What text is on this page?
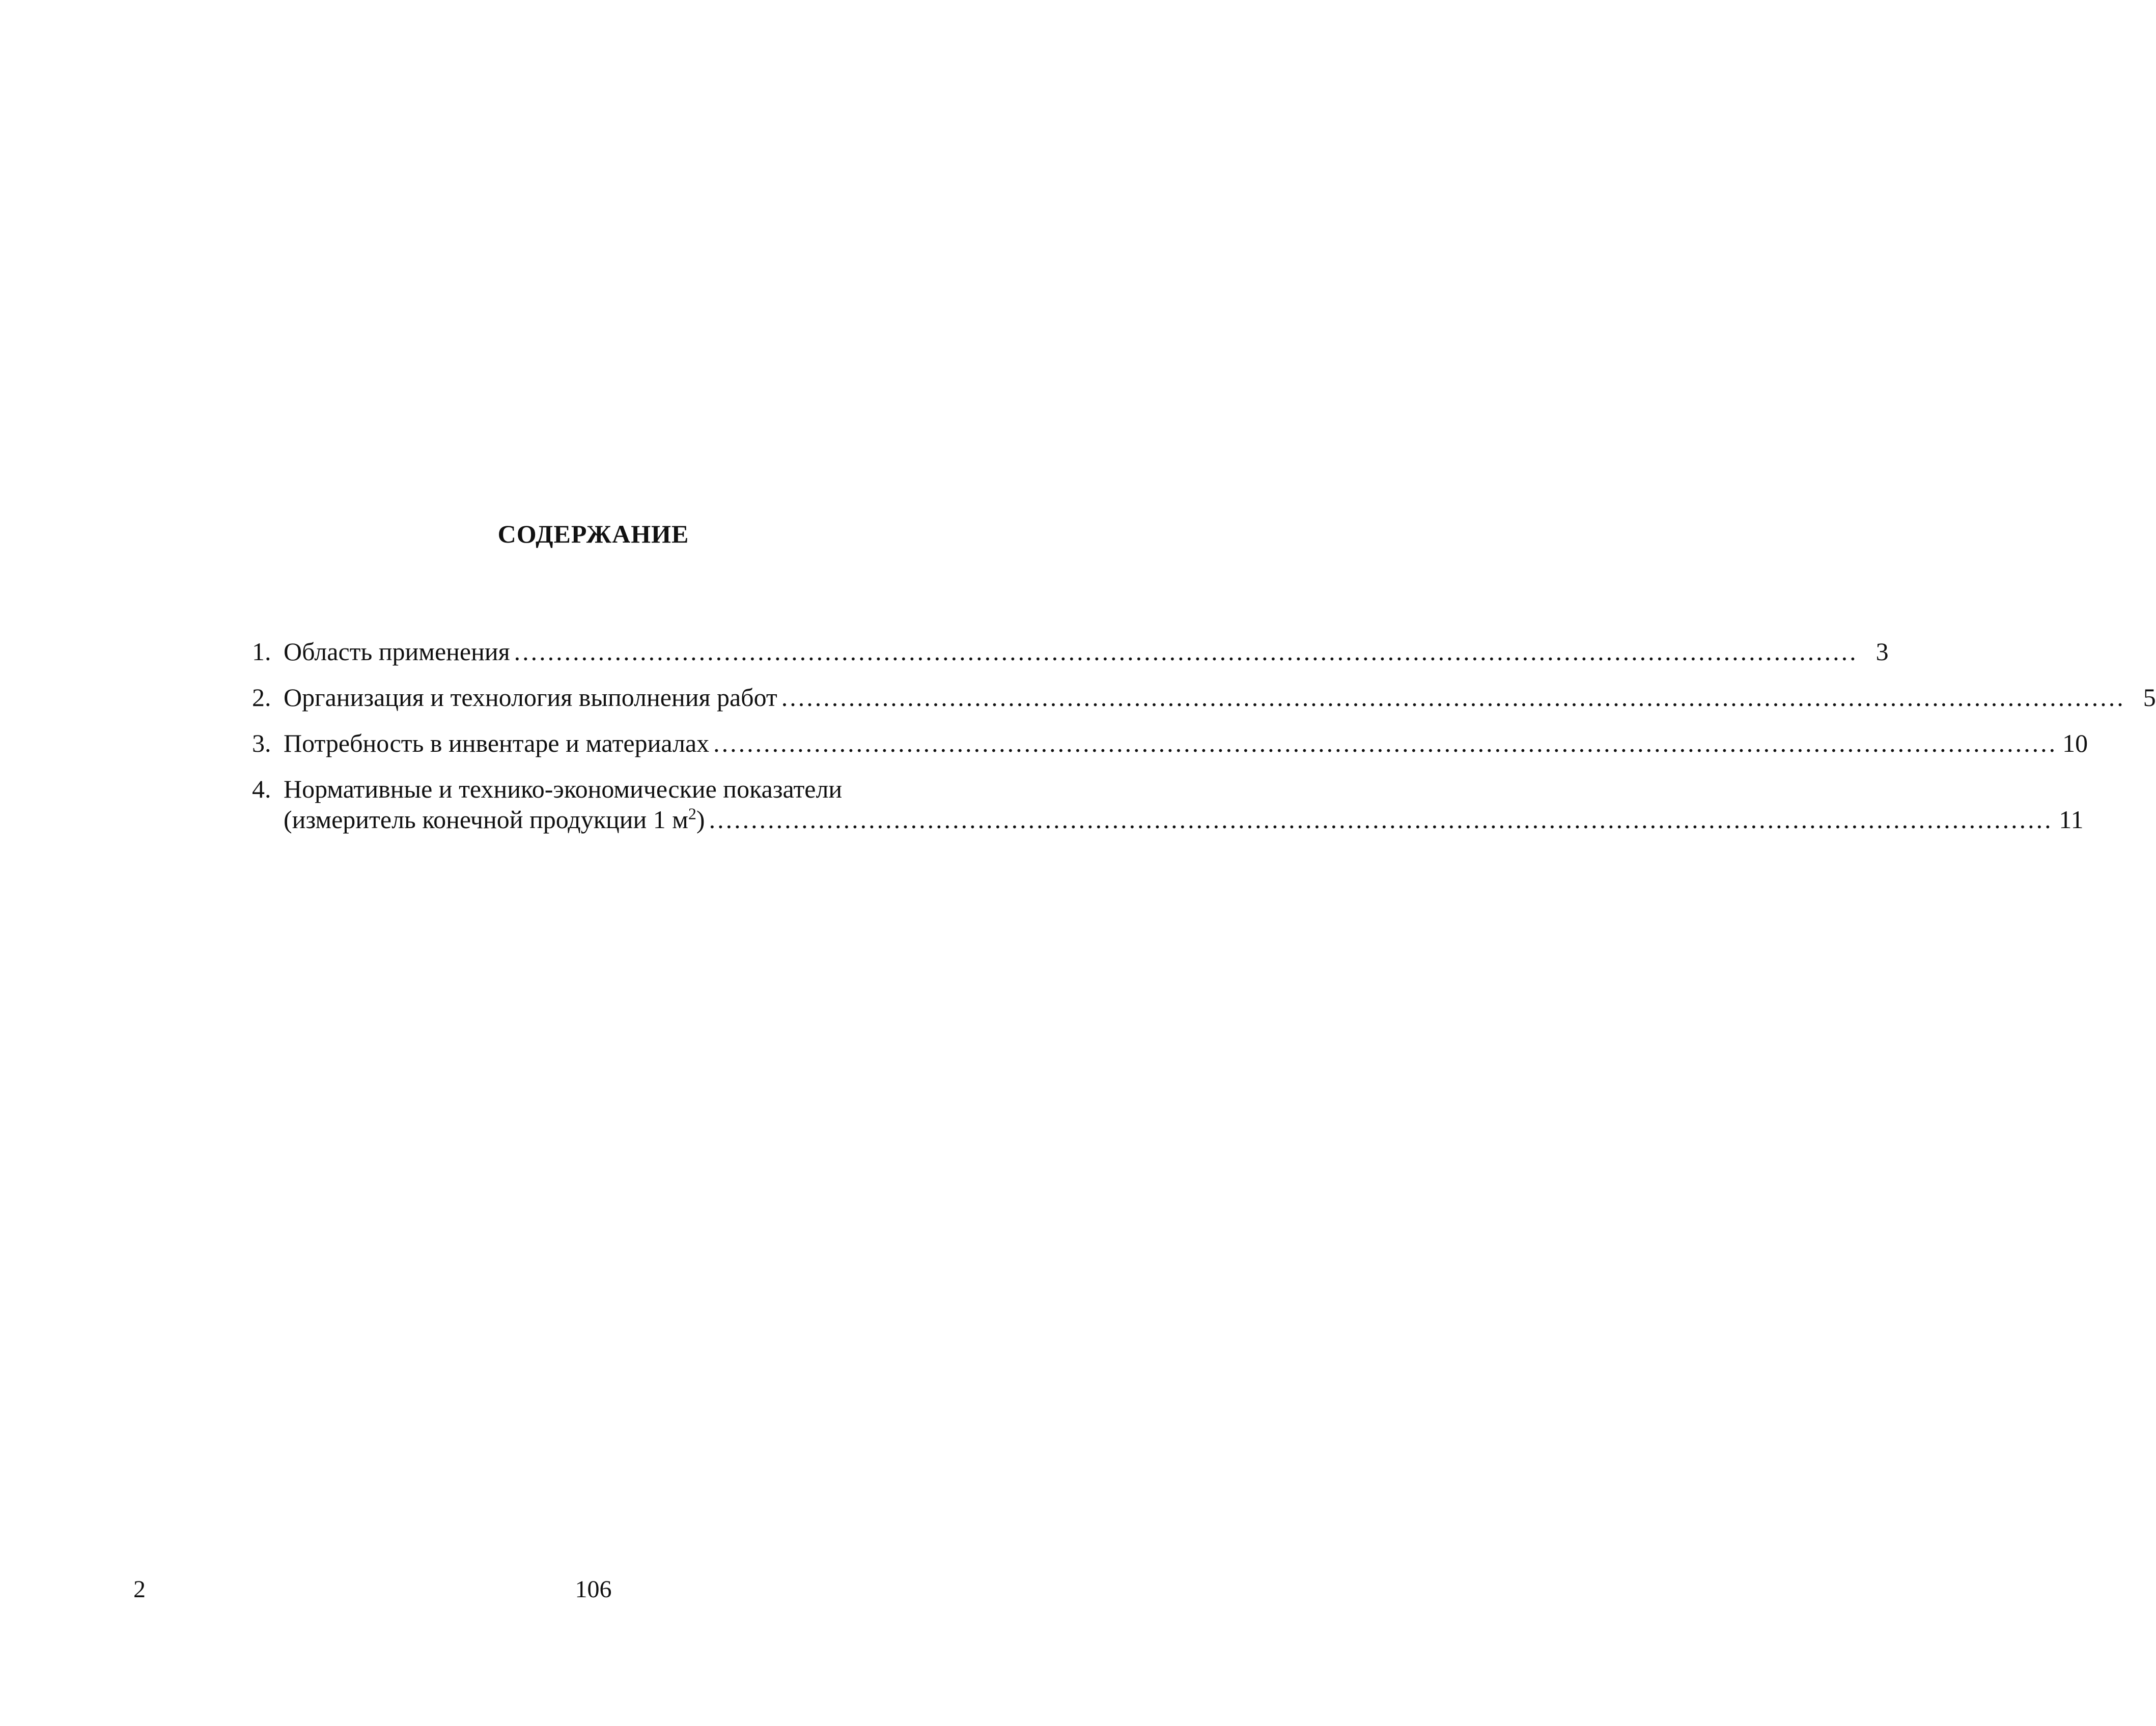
СОДЕРЖАНИЕ
1. Область применения ................................................................................................................................................................ 3
2. Организация и технология выполнения работ ................................................................................................................................................................ 5
3. Потребность в инвентаре и материалах ................................................................................................................................................................ 10
4. Нормативные и технико-экономические показатели
(измеритель конечной продукции 1 $м^2$) ................................................................................................................................................................ 11
2	106
